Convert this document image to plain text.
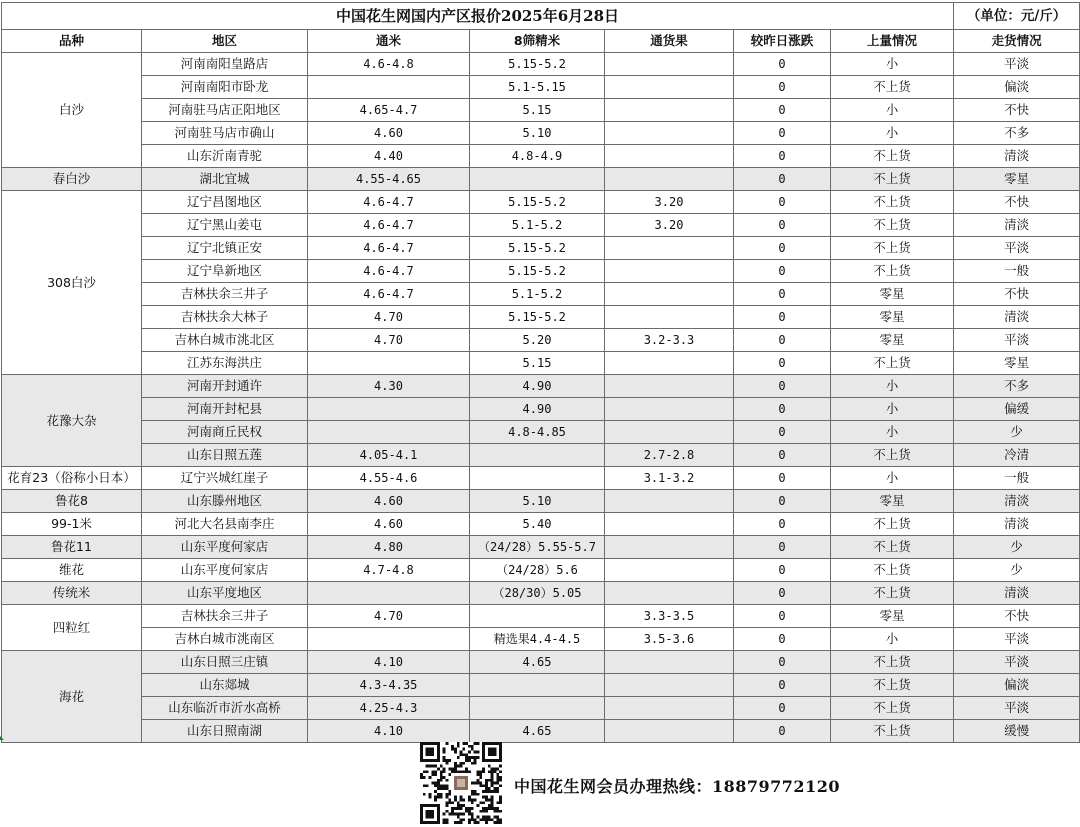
中国花生网国内产区报价2025年6月28日							（单位：元/斤）
品种	地区	通米	8筛精米	通货果	较昨日涨跌	上量情况	走货情况
白沙	河南南阳皇路店	4.6-4.8	5.15-5.2		0	小	平淡
	河南南阳市卧龙		5.1-5.15		0	不上货	偏淡
	河南驻马店正阳地区	4.65-4.7	5.15		0	小	不快
	河南驻马店市确山	4.60	5.10		0	小	不多
	山东沂南青驼	4.40	4.8-4.9		0	不上货	清淡
春白沙	湖北宜城	4.55-4.65			0	不上货	零星
308白沙	辽宁昌图地区	4.6-4.7	5.15-5.2	3.20	0	不上货	不快
	辽宁黑山姜屯	4.6-4.7	5.1-5.2	3.20	0	不上货	清淡
	辽宁北镇正安	4.6-4.7	5.15-5.2		0	不上货	平淡
	辽宁阜新地区	4.6-4.7	5.15-5.2		0	不上货	一般
	吉林扶余三井子	4.6-4.7	5.1-5.2		0	零星	不快
	吉林扶余大林子	4.70	5.15-5.2		0	零星	清淡
	吉林白城市洮北区	4.70	5.20	3.2-3.3	0	零星	平淡
	江苏东海洪庄		5.15		0	不上货	零星
花豫大杂	河南开封通许	4.30	4.90		0	小	不多
	河南开封杞县		4.90		0	小	偏缓
	河南商丘民权		4.8-4.85		0	小	少
	山东日照五莲	4.05-4.1		2.7-2.8	0	不上货	冷清
花育23（俗称小日本）	辽宁兴城红崖子	4.55-4.6		3.1-3.2	0	小	一般
鲁花8	山东滕州地区	4.60	5.10		0	零星	清淡
99-1米	河北大名县南李庄	4.60	5.40		0	不上货	清淡
鲁花11	山东平度何家店	4.80	（24/28）5.55-5.7		0	不上货	少
维花	山东平度何家店	4.7-4.8	（24/28）5.6		0	不上货	少
传统米	山东平度地区		（28/30）5.05		0	不上货	清淡
四粒红	吉林扶余三井子	4.70		3.3-3.5	0	零星	不快
	吉林白城市洮南区		精选果4.4-4.5	3.5-3.6	0	小	平淡
海花	山东日照三庄镇	4.10	4.65		0	不上货	平淡
	山东郯城	4.3-4.35			0	不上货	偏淡
	山东临沂市沂水高桥	4.25-4.3			0	不上货	平淡
	山东日照南湖	4.10	4.65		0	不上货	缓慢
中国花生网会员办理热线：18879772120
